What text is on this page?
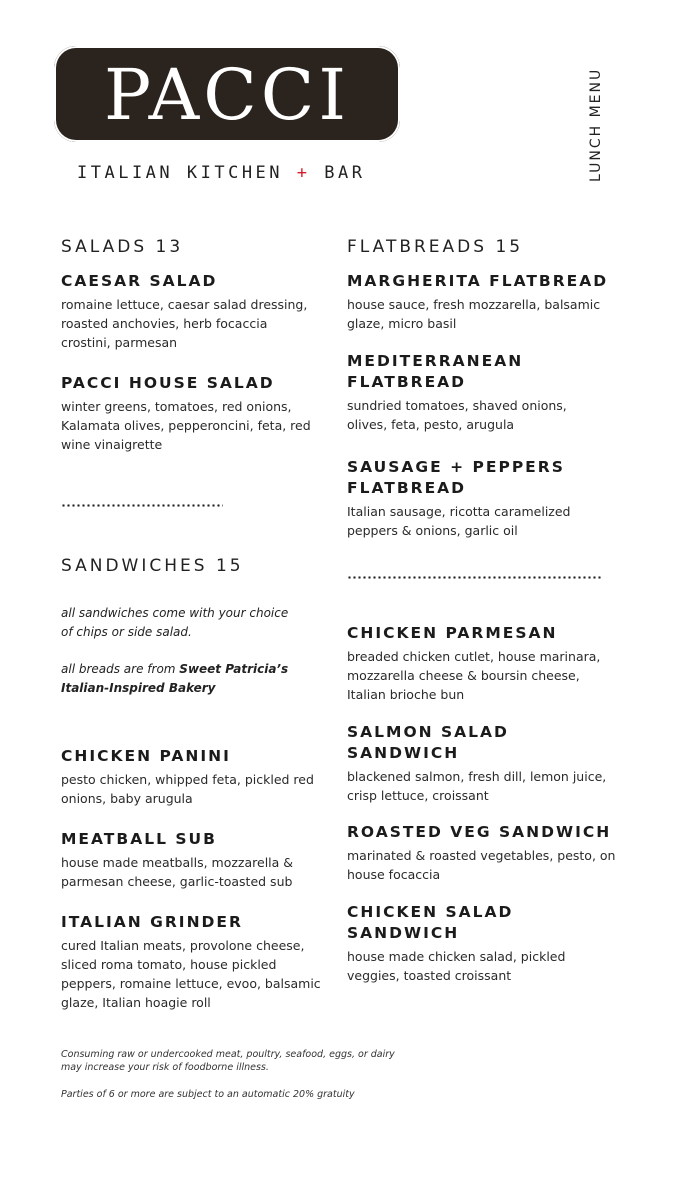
PACCI
ITALIAN KITCHEN + BAR	LUNCH MENU
SALADS 13
CAESAR SALAD
romaine lettuce, caesar salad dressing, roasted anchovies, herb focaccia crostini, parmesan
PACCI HOUSE SALAD
winter greens, tomatoes, red onions, Kalamata olives, pepperoncini, feta, red wine vinaigrette
FLATBREADS 15
MARGHERITA FLATBREAD
house sauce, fresh mozzarella, balsamic glaze, micro basil
MEDITERRANEAN FLATBREAD
sundried tomatoes, shaved onions, olives, feta, pesto, arugula
SAUSAGE + PEPPERS FLATBREAD
Italian sausage, ricotta caramelized peppers & onions, garlic oil
SANDWICHES 15
all sandwiches come with your choice of chips or side salad.
all breads are from Sweet Patricia’s Italian-Inspired Bakery
CHICKEN PANINI
pesto chicken, whipped feta, pickled red onions, baby arugula
MEATBALL SUB
house made meatballs, mozzarella & parmesan cheese, garlic-toasted sub
ITALIAN GRINDER
cured Italian meats, provolone cheese, sliced roma tomato, house pickled peppers, romaine lettuce, evoo, balsamic glaze, Italian hoagie roll
CHICKEN PARMESAN
breaded chicken cutlet, house marinara, mozzarella cheese & boursin cheese, Italian brioche bun
SALMON SALAD SANDWICH
blackened salmon, fresh dill, lemon juice, crisp lettuce, croissant
ROASTED VEG SANDWICH
marinated & roasted vegetables, pesto, on house focaccia
CHICKEN SALAD SANDWICH
house made chicken salad, pickled veggies, toasted croissant
Consuming raw or undercooked meat, poultry, seafood, eggs, or dairy may increase your risk of foodborne illness.
Parties of 6 or more are subject to an automatic 20% gratuity
